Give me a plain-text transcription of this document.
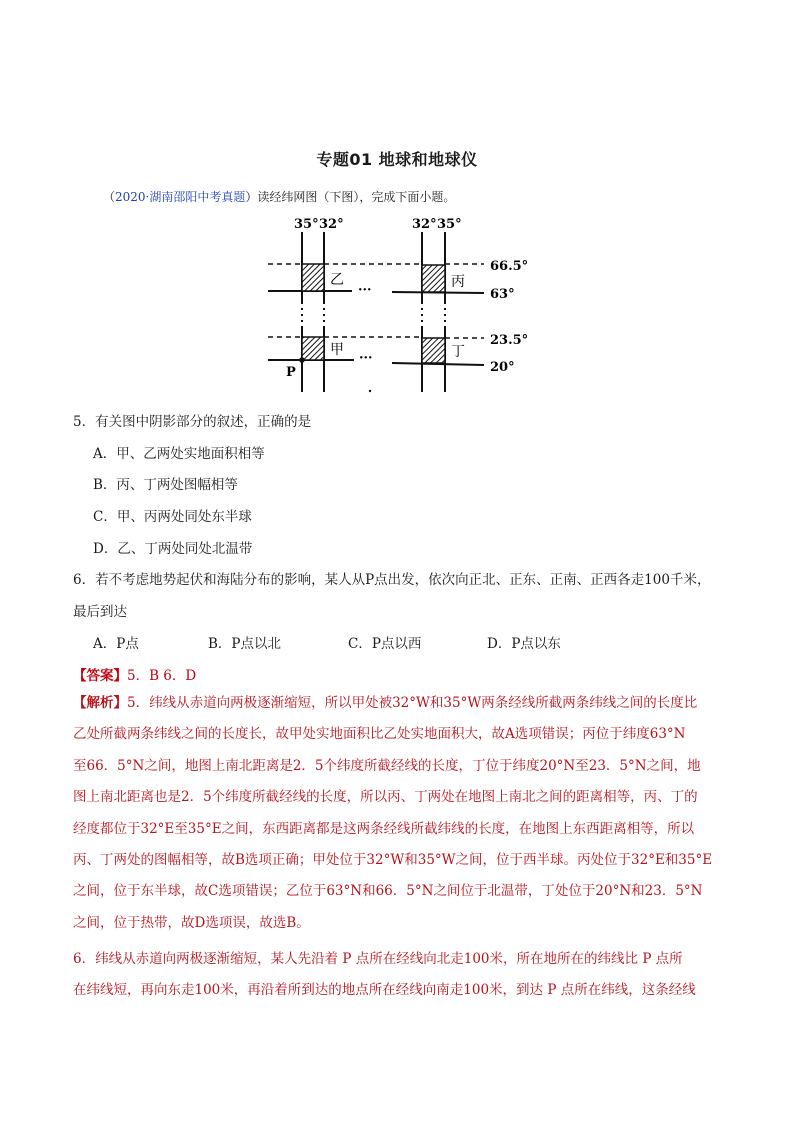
专题01 地球和地球仪
（2020·湖南邵阳中考真题）读经纬网图（下图），完成下面小题。
35° 32°	32° 35°
乙	丙
甲	丁
···
···
66.5°
63°
23.5°
20°
P
5．有关图中阴影部分的叙述，正确的是
A．甲、乙两处实地面积相等
B．丙、丁两处图幅相等
C．甲、丙两处同处东半球
D．乙、丁两处同处北温带
6．若不考虑地势起伏和海陆分布的影响，某人从P点出发，依次向正北、正东、正南、正西各走100千米，
最后到达
A．P点	B．P点以北	C．P点以西	D．P点以东
【答案】5．B 6．D

【解析】5．纬线从赤道向两极逐渐缩短，所以甲处被32°W和35°W两条经线所截两条纬线之间的长度比

乙处所截两条纬线之间的长度长，故甲处实地面积比乙处实地面积大，故A选项错误；丙位于纬度63°N

至66．5°N之间，地图上南北距离是2．5个纬度所截经线的长度，丁位于纬度20°N至23．5°N之间，地

图上南北距离也是2．5个纬度所截经线的长度，所以丙、丁两处在地图上南北之间的距离相等，丙、丁的

经度都位于32°E至35°E之间，东西距离都是这两条经线所截纬线的长度，在地图上东西距离相等，所以

丙、丁两处的图幅相等，故B选项正确；甲处位于32°W和35°W之间，位于西半球。丙处位于32°E和35°E

之间，位于东半球，故C选项错误；乙位于63°N和66．5°N之间位于北温带，丁处位于20°N和23．5°N

之间，位于热带，故D选项误，故选B。

6．纬线从赤道向两极逐渐缩短，某人先沿着 P 点所在经线向北走100米，所在地所在的纬线比 P 点所

在纬线短，再向东走100米，再沿着所到达的地点所在经线向南走100米，到达 P 点所在纬线，这条经线
